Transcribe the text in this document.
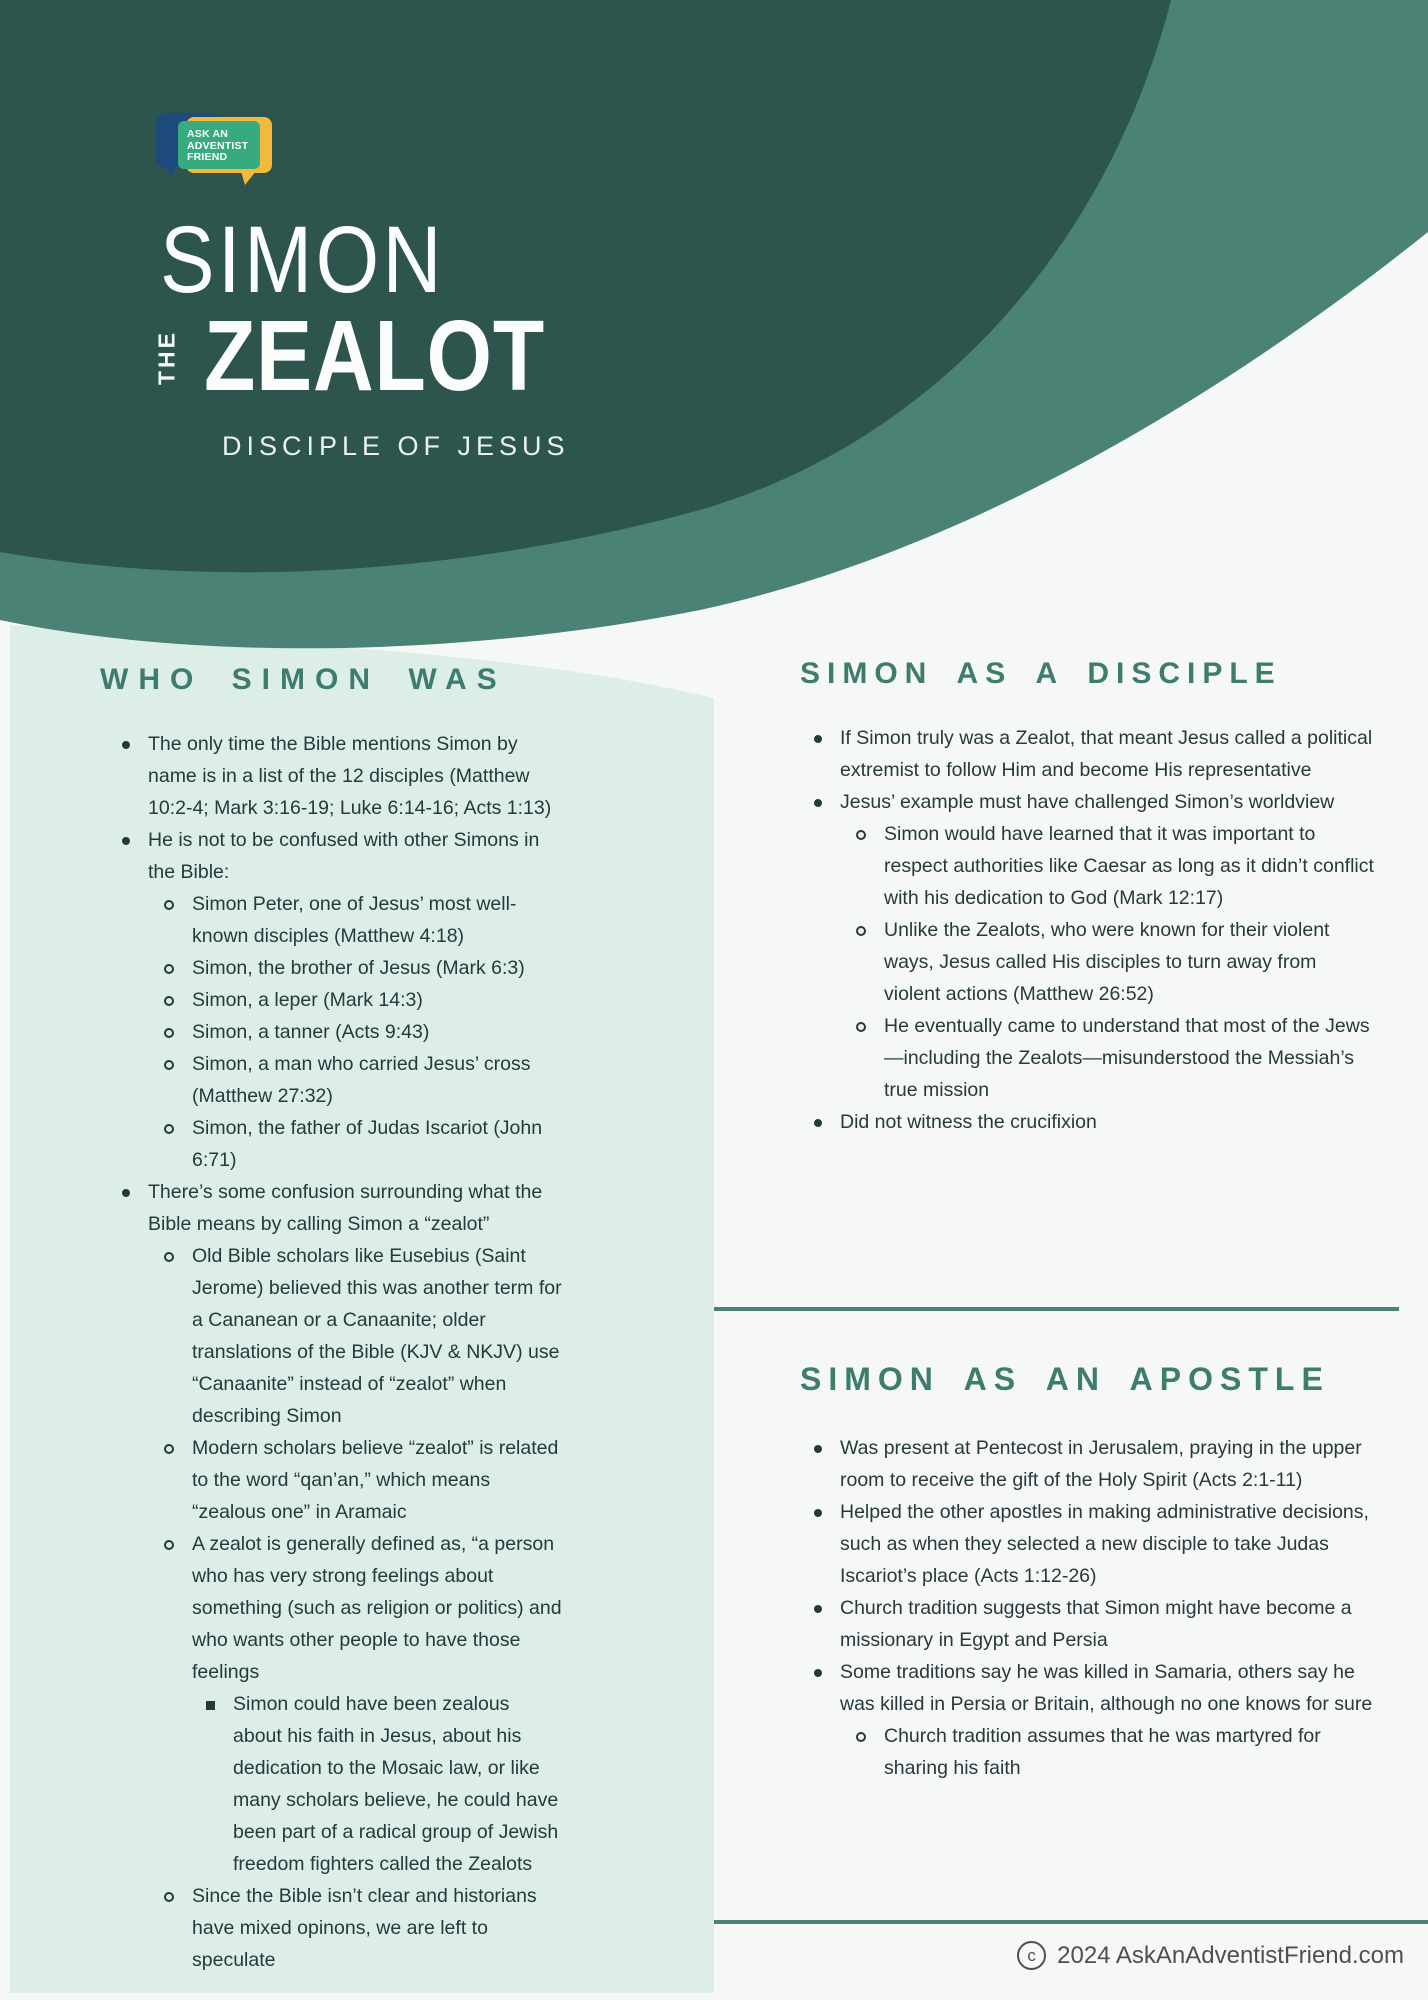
ASK AN
ADVENTIST
FRIEND
SIMON
THE ZEALOT
DISCIPLE OF JESUS
WHO SIMON WAS
The only time the Bible mentions Simon by name is in a list of the 12 disciples (Matthew 10:2-4; Mark 3:16-19; Luke 6:14-16; Acts 1:13)
He is not to be confused with other Simons in the Bible:
Simon Peter, one of Jesus’ most well-known disciples (Matthew 4:18)
Simon, the brother of Jesus (Mark 6:3)
Simon, a leper (Mark 14:3)
Simon, a tanner (Acts 9:43)
Simon, a man who carried Jesus’ cross (Matthew 27:32)
Simon, the father of Judas Iscariot (John 6:71)
There’s some confusion surrounding what the Bible means by calling Simon a “zealot”
Old Bible scholars like Eusebius (Saint Jerome) believed this was another term for a Cananean or a Canaanite; older translations of the Bible (KJV & NKJV) use “Canaanite” instead of “zealot” when describing Simon
Modern scholars believe “zealot” is related to the word “qan’an,” which means “zealous one” in Aramaic
A zealot is generally defined as, “a person who has very strong feelings about something (such as religion or politics) and who wants other people to have those feelings
Simon could have been zealous about his faith in Jesus, about his dedication to the Mosaic law, or like many scholars believe, he could have been part of a radical group of Jewish freedom fighters called the Zealots
Since the Bible isn’t clear and historians have mixed opinons, we are left to speculate
SIMON AS A DISCIPLE
If Simon truly was a Zealot, that meant Jesus called a political extremist to follow Him and become His representative
Jesus’ example must have challenged Simon’s worldview
Simon would have learned that it was important to respect authorities like Caesar as long as it didn’t conflict with his dedication to God (Mark 12:17)
Unlike the Zealots, who were known for their violent ways, Jesus called His disciples to turn away from violent actions (Matthew 26:52)
He eventually came to understand that most of the Jews—including the Zealots—misunderstood the Messiah’s true mission
Did not witness the crucifixion
SIMON AS AN APOSTLE
Was present at Pentecost in Jerusalem, praying in the upper room to receive the gift of the Holy Spirit (Acts 2:1-11)
Helped the other apostles in making administrative decisions, such as when they selected a new disciple to take Judas Iscariot’s place (Acts 1:12-26)
Church tradition suggests that Simon might have become a missionary in Egypt and Persia
Some traditions say he was killed in Samaria, others say he was killed in Persia or Britain, although no one knows for sure
Church tradition assumes that he was martyred for sharing his faith
c 2024 AskAnAdventistFriend.com
